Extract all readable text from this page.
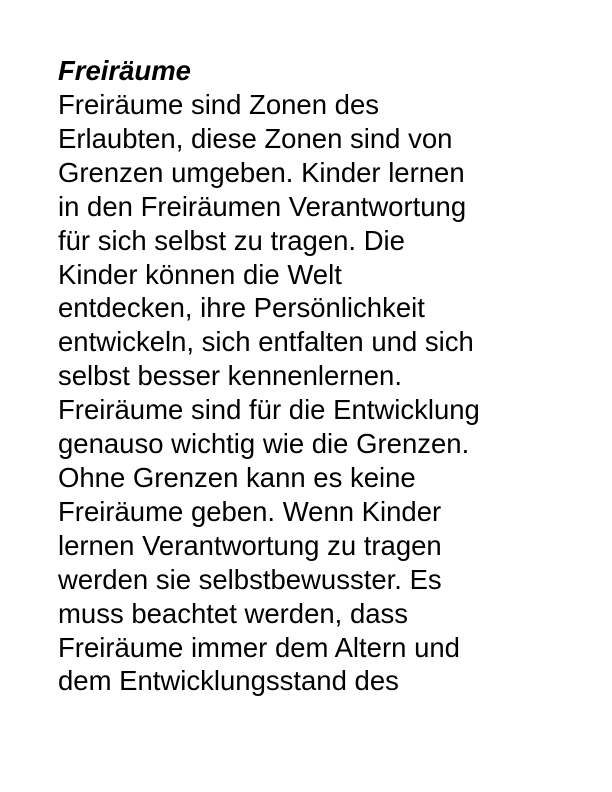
Freiräume
Freiräume sind Zonen des
Erlaubten, diese Zonen sind von
Grenzen umgeben. Kinder lernen
in den Freiräumen Verantwortung
für sich selbst zu tragen. Die
Kinder können die Welt
entdecken, ihre Persönlichkeit
entwickeln, sich entfalten und sich
selbst besser kennenlernen.
Freiräume sind für die Entwicklung
genauso wichtig wie die Grenzen.
Ohne Grenzen kann es keine
Freiräume geben. Wenn Kinder
lernen Verantwortung zu tragen
werden sie selbstbewusster. Es
muss beachtet werden, dass
Freiräume immer dem Altern und
dem Entwicklungsstand des
